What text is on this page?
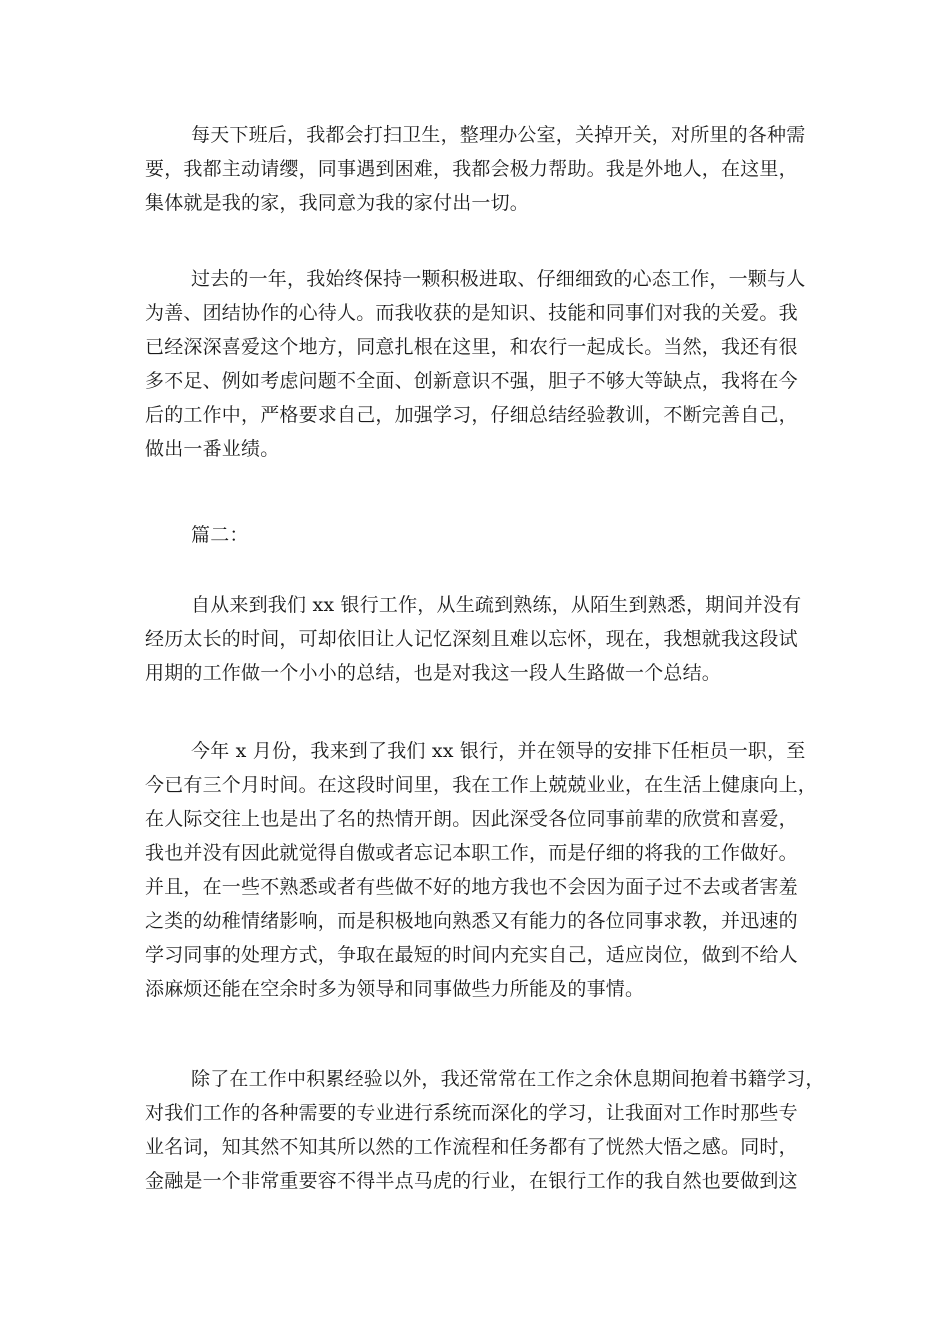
每天下班后，我都会打扫卫生，整理办公室，关掉开关，对所里的各种需
要，我都主动请缨，同事遇到困难，我都会极力帮助。我是外地人，在这里，
集体就是我的家，我同意为我的家付出一切。
过去的一年，我始终保持一颗积极进取、仔细细致的心态工作，一颗与人
为善、团结协作的心待人。而我收获的是知识、技能和同事们对我的关爱。我
已经深深喜爱这个地方，同意扎根在这里，和农行一起成长。当然，我还有很
多不足、例如考虑问题不全面、创新意识不强，胆子不够大等缺点，我将在今
后的工作中，严格要求自己，加强学习，仔细总结经验教训，不断完善自己，
做出一番业绩。
篇二：
自从来到我们 xx 银行工作，从生疏到熟练，从陌生到熟悉，期间并没有
经历太长的时间，可却依旧让人记忆深刻且难以忘怀，现在，我想就我这段试
用期的工作做一个小小的总结，也是对我这一段人生路做一个总结。
今年 x 月份，我来到了我们 xx 银行，并在领导的安排下任柜员一职，至
今已有三个月时间。在这段时间里，我在工作上兢兢业业，在生活上健康向上，
在人际交往上也是出了名的热情开朗。因此深受各位同事前辈的欣赏和喜爱，
我也并没有因此就觉得自傲或者忘记本职工作，而是仔细的将我的工作做好。
并且，在一些不熟悉或者有些做不好的地方我也不会因为面子过不去或者害羞
之类的幼稚情绪影响，而是积极地向熟悉又有能力的各位同事求教，并迅速的
学习同事的处理方式，争取在最短的时间内充实自己，适应岗位，做到不给人
添麻烦还能在空余时多为领导和同事做些力所能及的事情。
除了在工作中积累经验以外，我还常常在工作之余休息期间抱着书籍学习，
对我们工作的各种需要的专业进行系统而深化的学习，让我面对工作时那些专
业名词，知其然不知其所以然的工作流程和任务都有了恍然大悟之感。同时，
金融是一个非常重要容不得半点马虎的行业，在银行工作的我自然也要做到这
